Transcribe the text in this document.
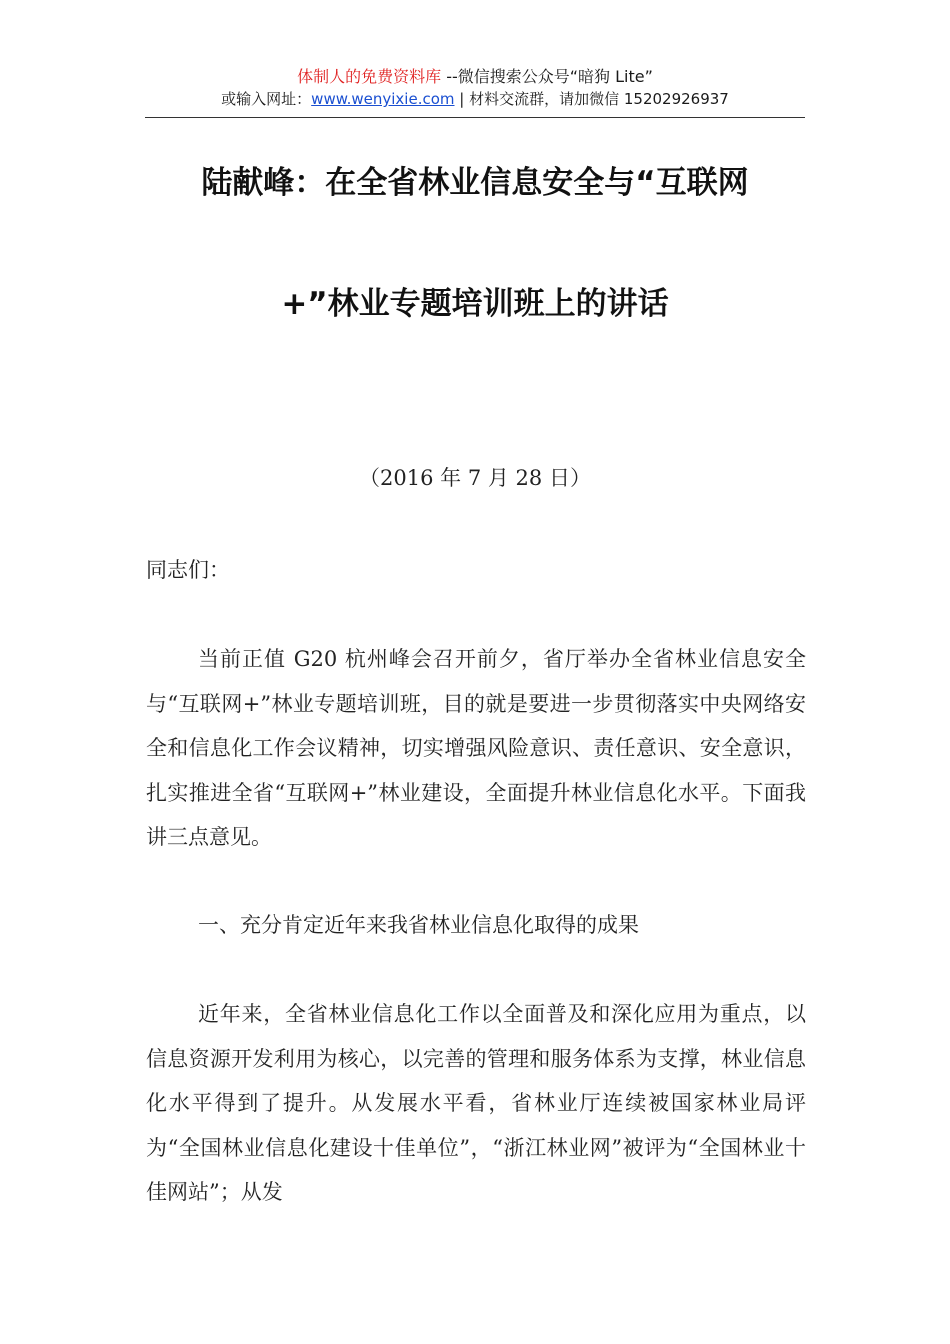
体制人的免费资料库 --微信搜索公众号“暗狗 Lite”
或输入网址：www.wenyixie.com | 材料交流群，请加微信 15202926937
陆献峰：在全省林业信息安全与“互联网
+”林业专题培训班上的讲话
（2016 年 7 月 28 日）
同志们：
当前正值 G20 杭州峰会召开前夕，省厅举办全省林业信息安全与“互联网+”林业专题培训班，目的就是要进一步贯彻落实中央网络安全和信息化工作会议精神，切实增强风险意识、责任意识、安全意识，扎实推进全省“互联网+”林业建设，全面提升林业信息化水平。下面我讲三点意见。
一、充分肯定近年来我省林业信息化取得的成果
近年来，全省林业信息化工作以全面普及和深化应用为重点，以信息资源开发利用为核心，以完善的管理和服务体系为支撑，林业信息化水平得到了提升。从发展水平看，省林业厅连续被国家林业局评为“全国林业信息化建设十佳单位”，“浙江林业网”被评为“全国林业十佳网站”；从发
